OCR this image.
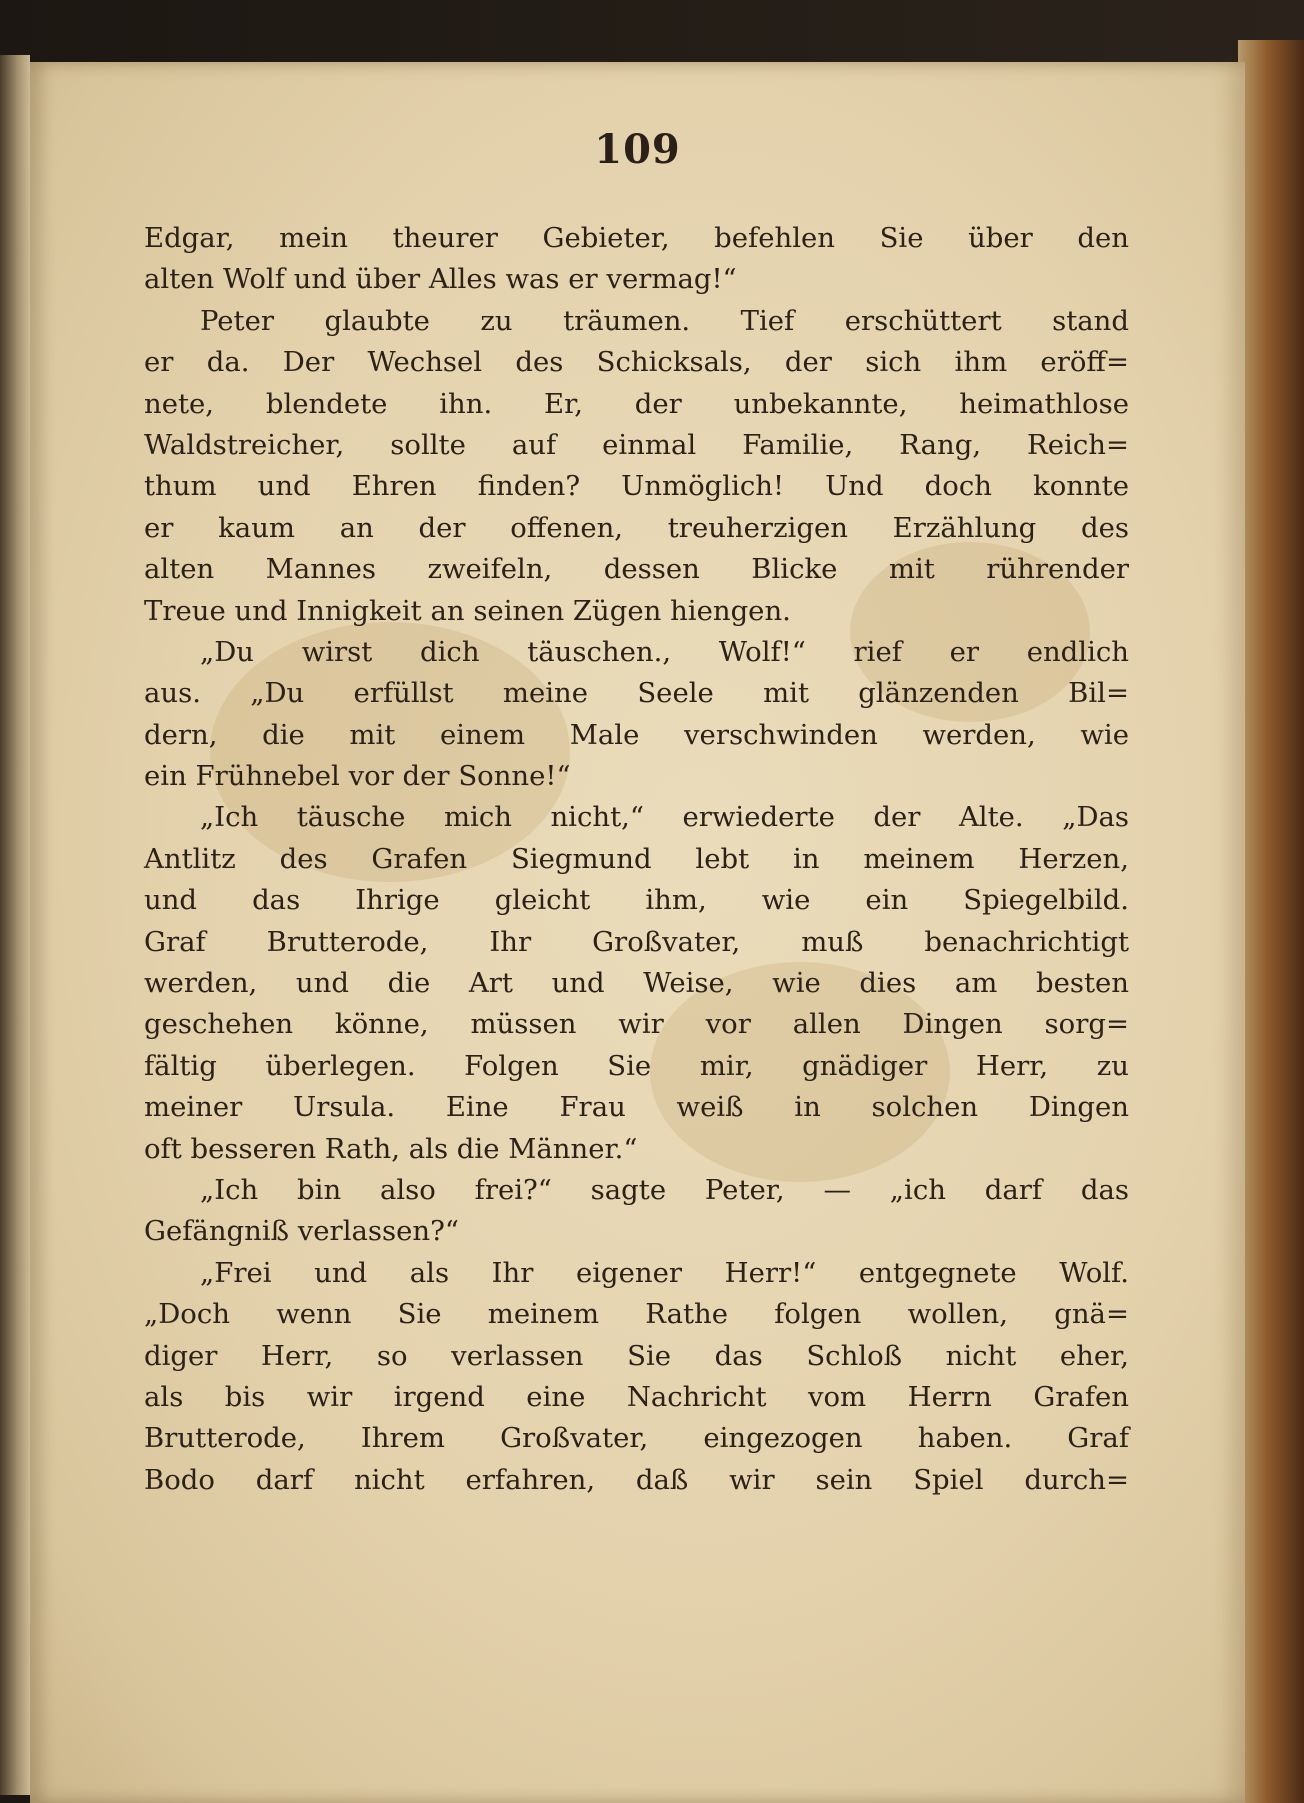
109
Edgar, mein theurer Gebieter, befehlen Sie über den
alten Wolf und über Alles was er vermag!“
Peter glaubte zu träumen. Tief erschüttert stand
er da. Der Wechsel des Schicksals, der sich ihm eröff=
nete, blendete ihn. Er, der unbekannte, heimathlose
Waldstreicher, sollte auf einmal Familie, Rang, Reich=
thum und Ehren finden? Unmöglich! Und doch konnte
er kaum an der offenen, treuherzigen Erzählung des
alten Mannes zweifeln, dessen Blicke mit rührender
Treue und Innigkeit an seinen Zügen hiengen.
„Du wirst dich täuschen., Wolf!“ rief er endlich
aus. „Du erfüllst meine Seele mit glänzenden Bil=
dern, die mit einem Male verschwinden werden, wie
ein Frühnebel vor der Sonne!“
„Ich täusche mich nicht,“ erwiederte der Alte. „Das
Antlitz des Grafen Siegmund lebt in meinem Herzen,
und das Ihrige gleicht ihm, wie ein Spiegelbild.
Graf Brutterode, Ihr Großvater, muß benachrichtigt
werden, und die Art und Weise, wie dies am besten
geschehen könne, müssen wir vor allen Dingen sorg=
fältig überlegen. Folgen Sie mir, gnädiger Herr, zu
meiner Ursula. Eine Frau weiß in solchen Dingen
oft besseren Rath, als die Männer.“
„Ich bin also frei?“ sagte Peter, — „ich darf das
Gefängniß verlassen?“
„Frei und als Ihr eigener Herr!“ entgegnete Wolf.
„Doch wenn Sie meinem Rathe folgen wollen, gnä=
diger Herr, so verlassen Sie das Schloß nicht eher,
als bis wir irgend eine Nachricht vom Herrn Grafen
Brutterode, Ihrem Großvater, eingezogen haben. Graf
Bodo darf nicht erfahren, daß wir sein Spiel durch=
